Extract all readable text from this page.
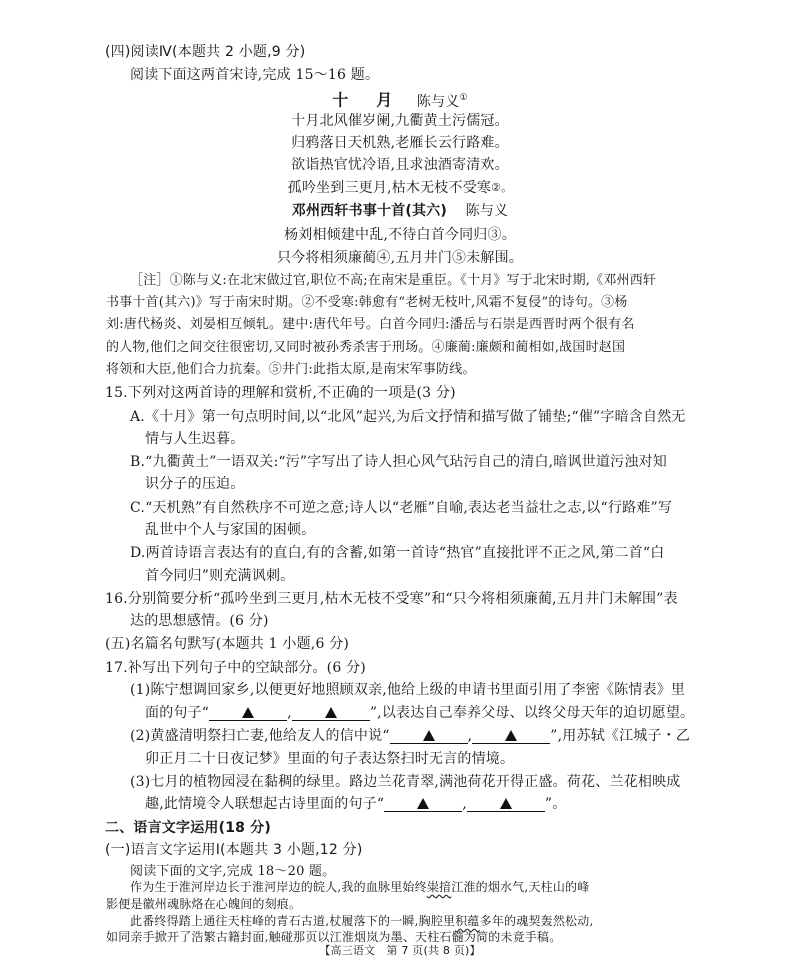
(四)阅读Ⅳ(本题共 2 小题,9 分)
阅读下面这两首宋诗,完成 15～16 题。
十　月 陈与义①
十月北风催岁阑,九衢黄土污儒冠。
归鸦落日天机熟,老雁长云行路难。
欲诣热官忧冷语,且求浊酒寄清欢。
孤吟坐到三更月,枯木无枝不受寒②。
邓州西轩书事十首(其六) 陈与义
杨刘相倾建中乱,不待白首今同归③。
只今将相须廉蔺④,五月井门⑤未解围。
［注］①陈与义:在北宋做过官,职位不高;在南宋是重臣。《十月》写于北宋时期,《邓州西轩
书事十首(其六)》写于南宋时期。②不受寒:韩愈有“老树无枝叶,风霜不复侵”的诗句。③杨
刘:唐代杨炎、刘晏相互倾轧。建中:唐代年号。白首今同归:潘岳与石崇是西晋时两个很有名
的人物,他们之间交往很密切,又同时被孙秀杀害于刑场。④廉蔺:廉颇和蔺相如,战国时赵国
将领和大臣,他们合力抗秦。⑤井门:此指太原,是南宋军事防线。
15.下列对这两首诗的理解和赏析,不正确的一项是(3 分)
A.《十月》第一句点明时间,以“北风”起兴,为后文抒情和描写做了铺垫;“催”字暗含自然无
情与人生迟暮。
B.“九衢黄土”一语双关:“污”字写出了诗人担心风气玷污自己的清白,暗讽世道污浊对知
识分子的压迫。
C.“天机熟”有自然秩序不可逆之意;诗人以“老雁”自喻,表达老当益壮之志,以“行路难”写
乱世中个人与家国的困顿。
D.两首诗语言表达有的直白,有的含蓄,如第一首诗“热官”直接批评不正之风,第二首“白
首今同归”则充满讽刺。
16.分别简要分析“孤吟坐到三更月,枯木无枝不受寒”和“只今将相须廉蔺,五月井门未解围”表
达的思想感情。(6 分)
(五)名篇名句默写(本题共 1 小题,6 分)
17.补写出下列句子中的空缺部分。(6 分)
(1)陈宁想调回家乡,以便更好地照顾双亲,他给上级的申请书里面引用了李密《陈情表》里
面的句子“	,	”,以表达自己奉养父母、以终父母天年的迫切愿望。
(2)黄盛清明祭扫亡妻,他给友人的信中说“	,	”,用苏轼《江城子・乙
卯正月二十日夜记梦》里面的句子表达祭扫时无言的情境。
(3)七月的植物园浸在黏稠的绿里。路边兰花青翠,满池荷花开得正盛。荷花、兰花相映成
趣,此情境令人联想起古诗里面的句子“	,	”。
二、语言文字运用(18 分)
(一)语言文字运用Ⅰ(本题共 3 小题,12 分)
阅读下面的文字,完成 18～20 题。
作为生于淮河岸边长于淮河岸边的皖人,我的血脉里始终粜揞江淮的烟水气,天柱山的峰
影便是徽州魂脉烙在心魄间的刻痕。
此番终得踏上通往天柱峰的青石古道,杖履落下的一瞬,胸腔里积蕴多年的魂契轰然松动,
【高三语文　第 7 页(共 8 页)】
如同亲手掀开了浩繁古籍封面,触碰那页以江淮烟岚为墨、天柱石髓为简的未竟手稿。
